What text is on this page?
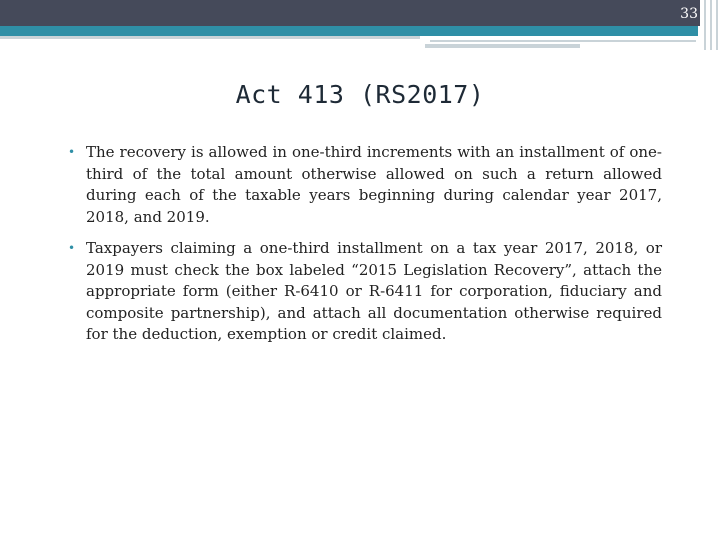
33
Act 413 (RS2017)
• The recovery is allowed in one-third increments with an installment of one-third of the total amount otherwise allowed on such a return allowed during each of the taxable years beginning during calendar year 2017, 2018, and 2019.
• Taxpayers claiming a one-third installment on a tax year 2017, 2018, or 2019 must check the box labeled “2015 Legislation Recovery”, attach the appropriate form (either R-6410 or R-6411 for corporation, fiduciary and composite partnership), and attach all documentation otherwise required for the deduction, exemption or credit claimed.
